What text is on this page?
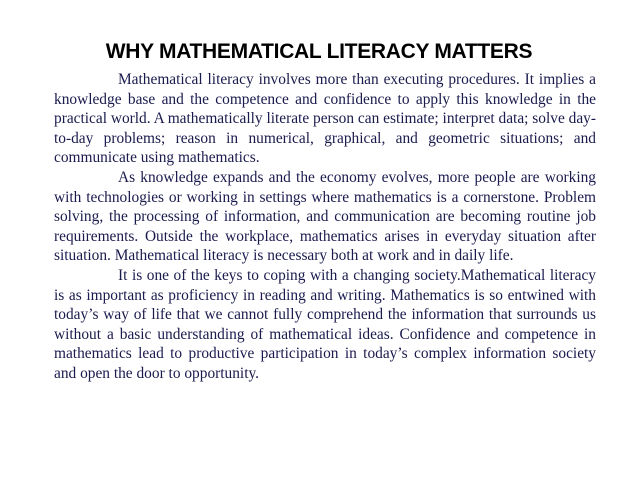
WHY MATHEMATICAL LITERACY MATTERS

Mathematical literacy involves more than executing procedures. It implies a knowledge base and the competence and confidence to apply this knowledge in the practical world. A mathematically literate person can estimate; interpret data; solve day-to-day problems; reason in numerical, graphical, and geometric situations; and communicate using mathematics.

As knowledge expands and the economy evolves, more people are working with technologies or working in settings where mathematics is a cornerstone. Problem solving, the processing of information, and communication are becoming routine job requirements. Outside the workplace, mathematics arises in everyday situation after situation. Mathematical literacy is necessary both at work and in daily life.

It is one of the keys to coping with a changing society.Mathematical literacy is as important as proficiency in reading and writing. Mathematics is so entwined with today’s way of life that we cannot fully comprehend the information that surrounds us without a basic understanding of mathematical ideas. Confidence and competence in mathematics lead to productive participation in today’s complex information society and open the door to opportunity.
